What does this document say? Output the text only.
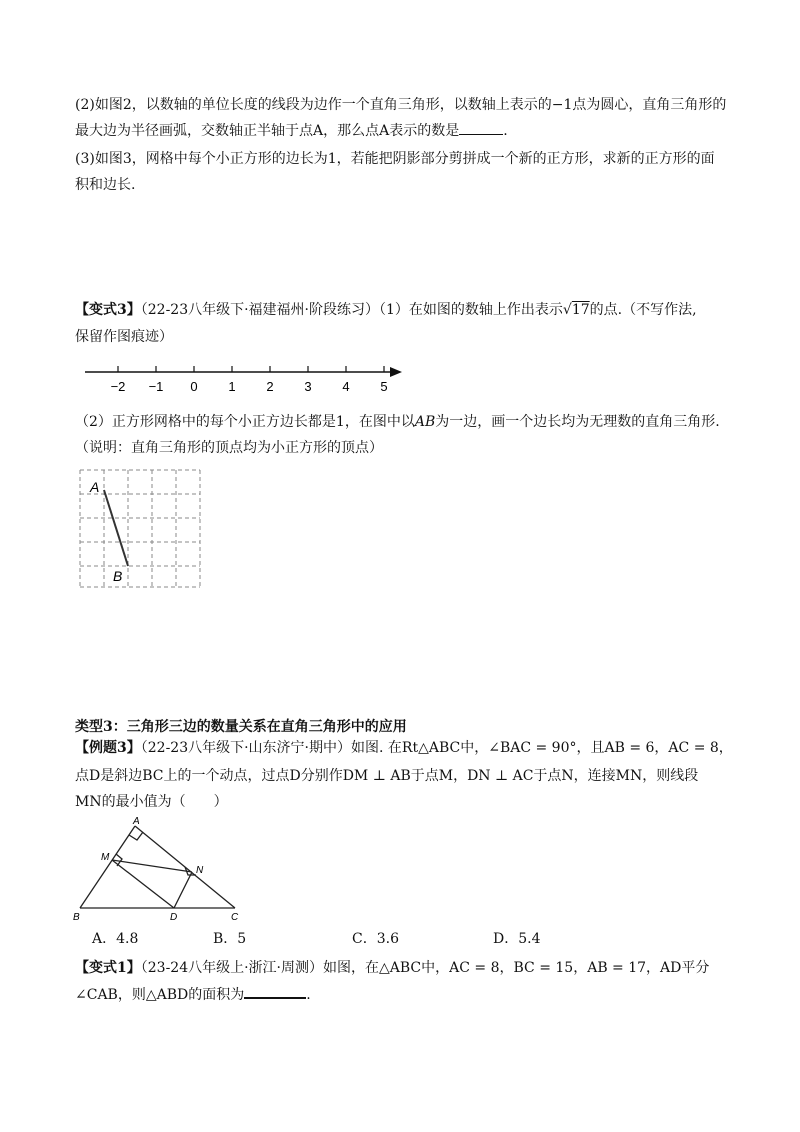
(2)如图2，以数轴的单位长度的线段为边作一个直角三角形，以数轴上表示的−1点为圆心，直角三角形的
最大边为半径画弧，交数轴正半轴于点A，那么点A表示的数是	.
(3)如图3，网格中每个小正方形的边长为1，若能把阴影部分剪拼成一个新的正方形，求新的正方形的面
积和边长.
【变式3】（22-23八年级下·福建福州·阶段练习）（1）在如图的数轴上作出表示√17的点.（不写作法,
保留作图痕迹）
−2 −1 0 1 2 3 4 5
（2）正方形网格中的每个小正方边长都是1，在图中以AB为一边，画一个边长均为无理数的直角三角形.
（说明：直角三角形的顶点均为小正方形的顶点）
A
B
类型3：三角形三边的数量关系在直角三角形中的应用
【例题3】（22-23八年级下·山东济宁·期中）如图. 在Rt△ABC中，∠BAC = 90°，且AB = 6，AC = 8，
点D是斜边BC上的一个动点，过点D分别作DM ⊥ AB于点M，DN ⊥ AC于点N，连接MN，则线段
MN的最小值为（　　）
A
B	C
D
M
N
A．4.8	B．5	C．3.6	D．5.4
【变式1】（23-24八年级上·浙江·周测）如图，在△ABC中，AC = 8，BC = 15，AB = 17，AD平分
∠CAB，则△ABD的面积为	.
